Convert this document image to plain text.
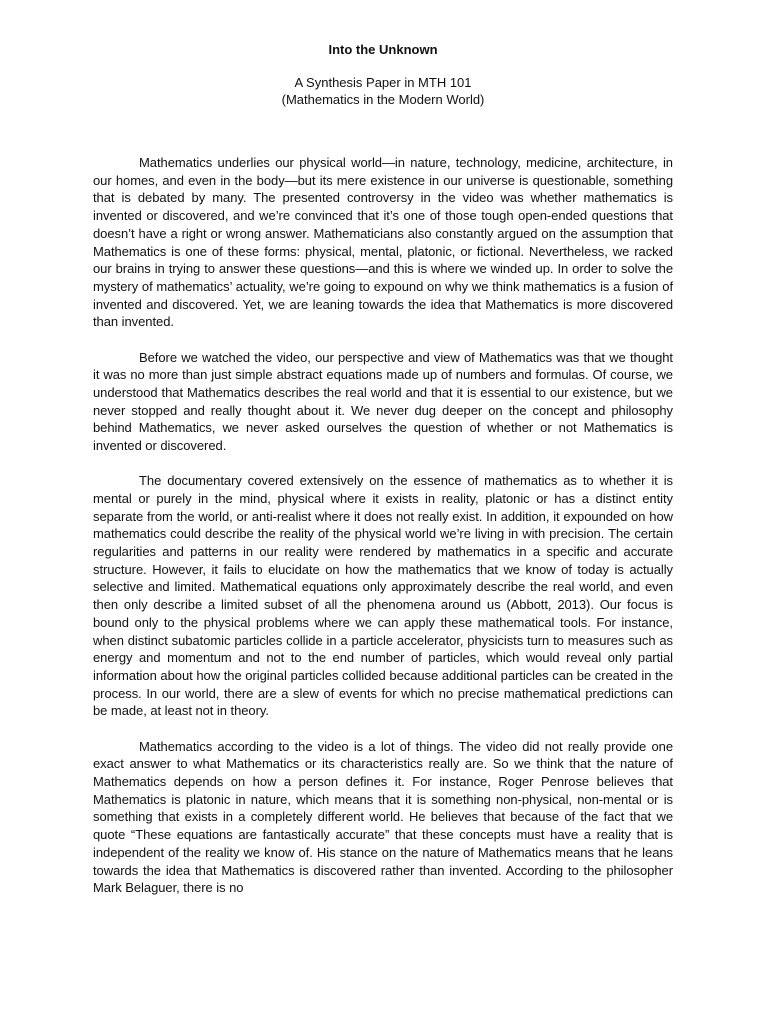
Into the Unknown
A Synthesis Paper in MTH 101
(Mathematics in the Modern World)

Mathematics underlies our physical world—in nature, technology, medicine, architecture, in our homes, and even in the body—but its mere existence in our universe is questionable, something that is debated by many. The presented controversy in the video was whether mathematics is invented or discovered, and we’re convinced that it’s one of those tough open-ended questions that doesn’t have a right or wrong answer. Mathematicians also constantly argued on the assumption that Mathematics is one of these forms: physical, mental, platonic, or fictional. Nevertheless, we racked our brains in trying to answer these questions—and this is where we winded up. In order to solve the mystery of mathematics’ actuality, we’re going to expound on why we think mathematics is a fusion of invented and discovered. Yet, we are leaning towards the idea that Mathematics is more discovered than invented.

Before we watched the video, our perspective and view of Mathematics was that we thought it was no more than just simple abstract equations made up of numbers and formulas. Of course, we understood that Mathematics describes the real world and that it is essential to our existence, but we never stopped and really thought about it. We never dug deeper on the concept and philosophy behind Mathematics, we never asked ourselves the question of whether or not Mathematics is invented or discovered.

The documentary covered extensively on the essence of mathematics as to whether it is mental or purely in the mind, physical where it exists in reality, platonic or has a distinct entity separate from the world, or anti-realist where it does not really exist. In addition, it expounded on how mathematics could describe the reality of the physical world we’re living in with precision. The certain regularities and patterns in our reality were rendered by mathematics in a specific and accurate structure. However, it fails to elucidate on how the mathematics that we know of today is actually selective and limited. Mathematical equations only approximately describe the real world, and even then only describe a limited subset of all the phenomena around us (Abbott, 2013). Our focus is bound only to the physical problems where we can apply these mathematical tools. For instance, when distinct subatomic particles collide in a particle accelerator, physicists turn to measures such as energy and momentum and not to the end number of particles, which would reveal only partial information about how the original particles collided because additional particles can be created in the process. In our world, there are a slew of events for which no precise mathematical predictions can be made, at least not in theory.

Mathematics according to the video is a lot of things. The video did not really provide one exact answer to what Mathematics or its characteristics really are. So we think that the nature of Mathematics depends on how a person defines it. For instance, Roger Penrose believes that Mathematics is platonic in nature, which means that it is something non-physical, non-mental or is something that exists in a completely different world. He believes that because of the fact that we quote “These equations are fantastically accurate” that these concepts must have a reality that is independent of the reality we know of. His stance on the nature of Mathematics means that he leans towards the idea that Mathematics is discovered rather than invented. According to the philosopher Mark Belaguer, there is no
